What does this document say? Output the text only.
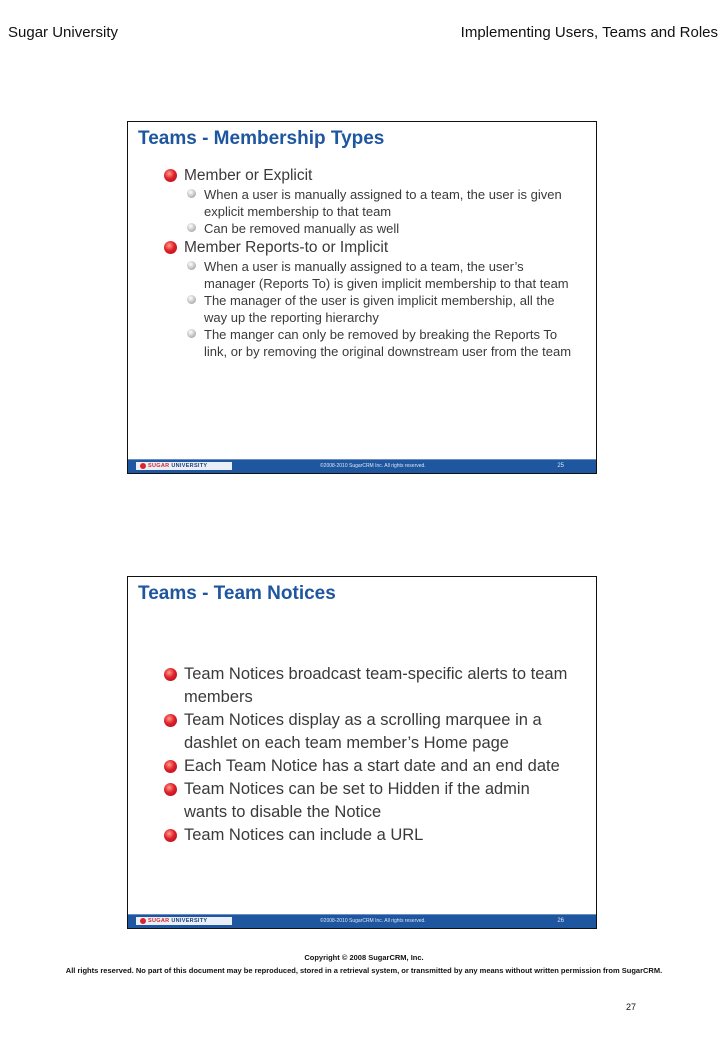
Sugar University	Implementing Users, Teams and Roles
Teams - Membership Types
Member or Explicit
When a user is manually assigned to a team, the user is given explicit membership to that team
Can be removed manually as well
Member Reports-to or Implicit
When a user is manually assigned to a team, the user’s manager (Reports To) is given implicit membership to that team
The manager of the user is given implicit membership, all the way up the reporting hierarchy
The manger can only be removed by breaking the Reports To link, or by removing the original downstream user from the team
SUGAR UNIVERSITY	©2008-2010 SugarCRM Inc. All rights reserved.	25
Teams - Team Notices
Team Notices broadcast team-specific alerts to team members
Team Notices display as a scrolling marquee in a dashlet on each team member’s Home page
Each Team Notice has a start date and an end date
Team Notices can be set to Hidden if the admin wants to disable the Notice
Team Notices can include a URL
SUGAR UNIVERSITY	©2008-2010 SugarCRM Inc. All rights reserved.	26
Copyright © 2008 SugarCRM, Inc.
All rights reserved. No part of this document may be reproduced, stored in a retrieval system, or transmitted by any means without written permission from SugarCRM.
27
